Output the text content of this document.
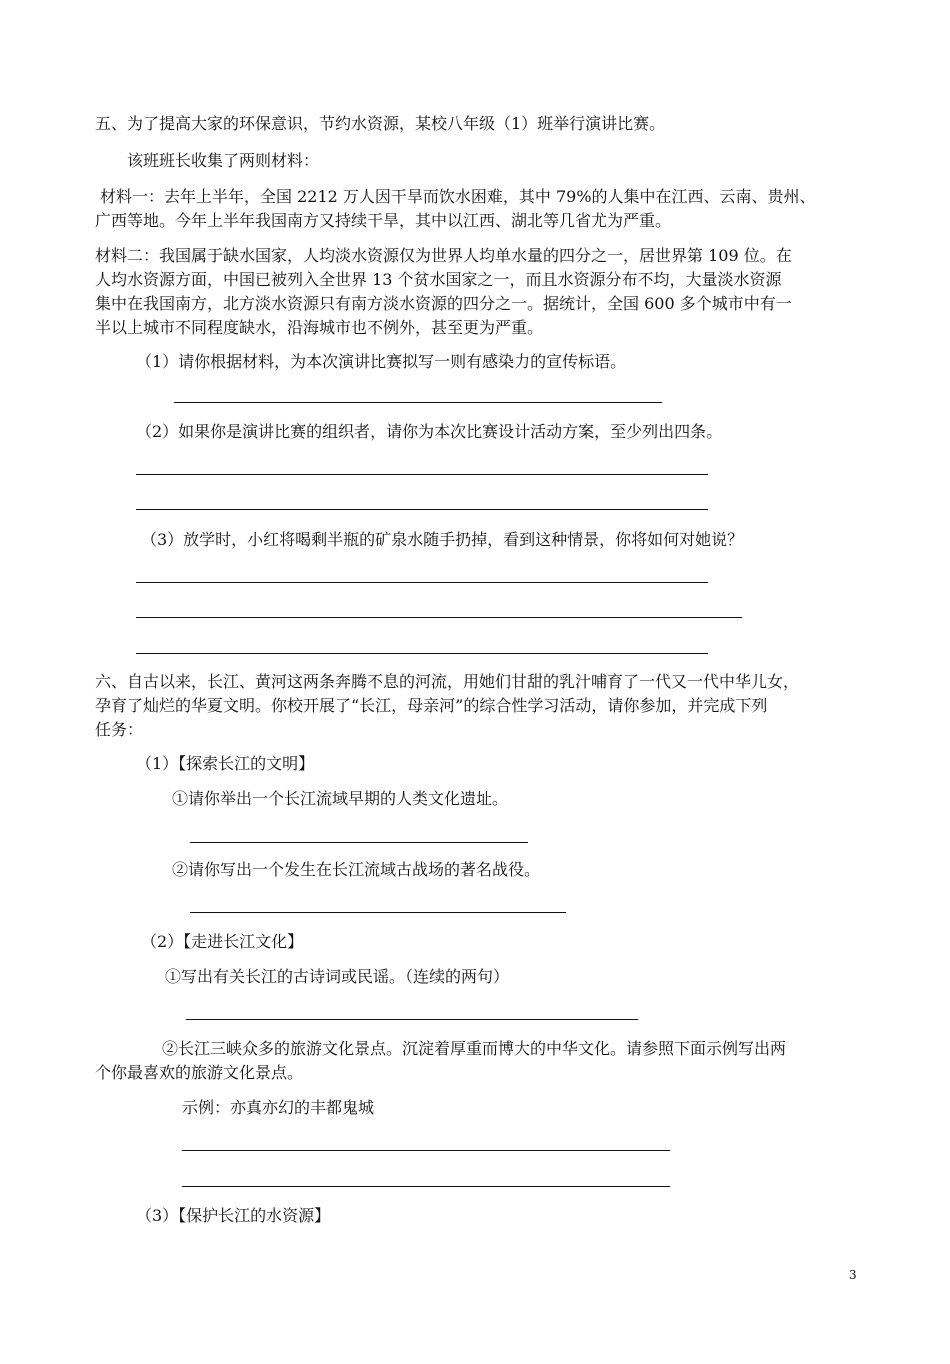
五、为了提高大家的环保意识，节约水资源，某校八年级（1）班举行演讲比赛。
该班班长收集了两则材料：
材料一：去年上半年，全国 2212 万人因干旱而饮水困难，其中 79%的人集中在江西、云南、贵州、
广西等地。今年上半年我国南方又持续干旱，其中以江西、湖北等几省尤为严重。
材料二：我国属于缺水国家，人均淡水资源仅为世界人均单水量的四分之一，居世界第 109 位。在
人均水资源方面，中国已被列入全世界 13 个贫水国家之一，而且水资源分布不均，大量淡水资源
集中在我国南方，北方淡水资源只有南方淡水资源的四分之一。据统计，全国 600 多个城市中有一
半以上城市不同程度缺水，沿海城市也不例外，甚至更为严重。
（1）请你根据材料，为本次演讲比赛拟写一则有感染力的宣传标语。
（2）如果你是演讲比赛的组织者，请你为本次比赛设计活动方案，至少列出四条。
（3）放学时，小红将喝剩半瓶的矿泉水随手扔掉，看到这种情景，你将如何对她说？
六、自古以来，长江、黄河这两条奔腾不息的河流，用她们甘甜的乳汁哺育了一代又一代中华儿女，
孕育了灿烂的华夏文明。你校开展了“长江，母亲河”的综合性学习活动，请你参加，并完成下列
任务：
（1）【探索长江的文明】
①请你举出一个长江流域早期的人类文化遗址。
②请你写出一个发生在长江流域古战场的著名战役。
（2）【走进长江文化】
①写出有关长江的古诗词或民谣。（连续的两句）
②长江三峡众多的旅游文化景点。沉淀着厚重而博大的中华文化。请参照下面示例写出两
个你最喜欢的旅游文化景点。
示例：亦真亦幻的丰都鬼城
（3）【保护长江的水资源】
3
